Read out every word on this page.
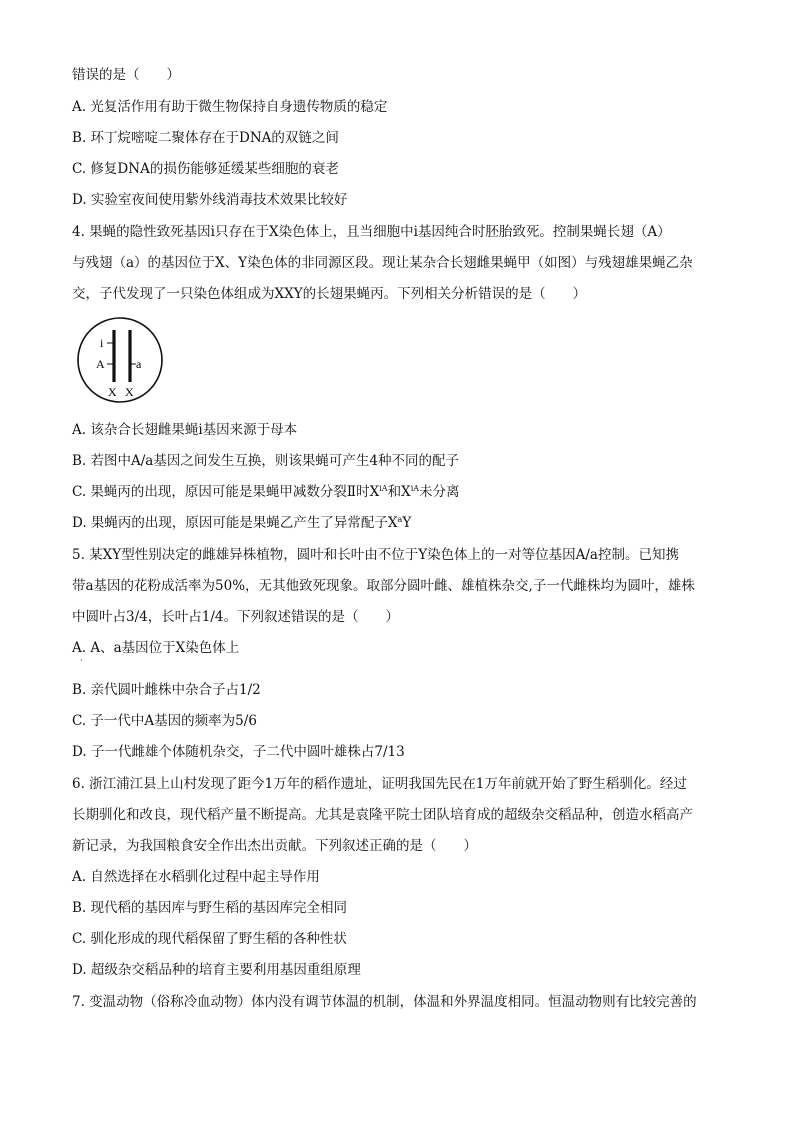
错误的是（　　）
A. 光复活作用有助于微生物保持自身遗传物质的稳定
B. 环丁烷嘧啶二聚体存在于DNA的双链之间
C. 修复DNA的损伤能够延缓某些细胞的衰老
D. 实验室夜间使用紫外线消毒技术效果比较好
4. 果蝇的隐性致死基因i只存在于X染色体上，且当细胞中i基因纯合时胚胎致死。控制果蝇长翅（A）
与残翅（a）的基因位于X、Y染色体的非同源区段。现让某杂合长翅雌果蝇甲（如图）与残翅雄果蝇乙杂
交，子代发现了一只染色体组成为XXY的长翅果蝇丙。下列相关分析错误的是（　　）
i
A	a
X X
A. 该杂合长翅雌果蝇i基因来源于母本
B. 若图中A/a基因之间发生互换，则该果蝇可产生4种不同的配子
C. 果蝇丙的出现，原因可能是果蝇甲减数分裂Ⅱ时$X^{iA}$和$X^{iA}$未分离
D. 果蝇丙的出现，原因可能是果蝇乙产生了异常配子$X^aY$
5. 某XY型性别决定的雌雄异株植物，圆叶和长叶由不位于Y染色体上的一对等位基因A/a控制。已知携
带a基因的花粉成活率为50%，无其他致死现象。取部分圆叶雌、雄植株杂交,子一代雌株均为圆叶，雄株
中圆叶占3/4，长叶占1/4。下列叙述错误的是（　　）
A. A、a基因位于X染色体上
·
B. 亲代圆叶雌株中杂合子占1/2
C. 子一代中A基因的频率为5/6
D. 子一代雌雄个体随机杂交，子二代中圆叶雄株占7/13
6. 浙江浦江县上山村发现了距今1万年的稻作遗址，证明我国先民在1万年前就开始了野生稻驯化。经过
长期驯化和改良，现代稻产量不断提高。尤其是袁隆平院士团队培育成的超级杂交稻品种，创造水稻高产
新记录，为我国粮食安全作出杰出贡献。下列叙述正确的是（　　）
A. 自然选择在水稻驯化过程中起主导作用
B. 现代稻的基因库与野生稻的基因库完全相同
C. 驯化形成的现代稻保留了野生稻的各种性状
D. 超级杂交稻品种的培育主要利用基因重组原理
7. 变温动物（俗称冷血动物）体内没有调节体温的机制，体温和外界温度相同。恒温动物则有比较完善的
